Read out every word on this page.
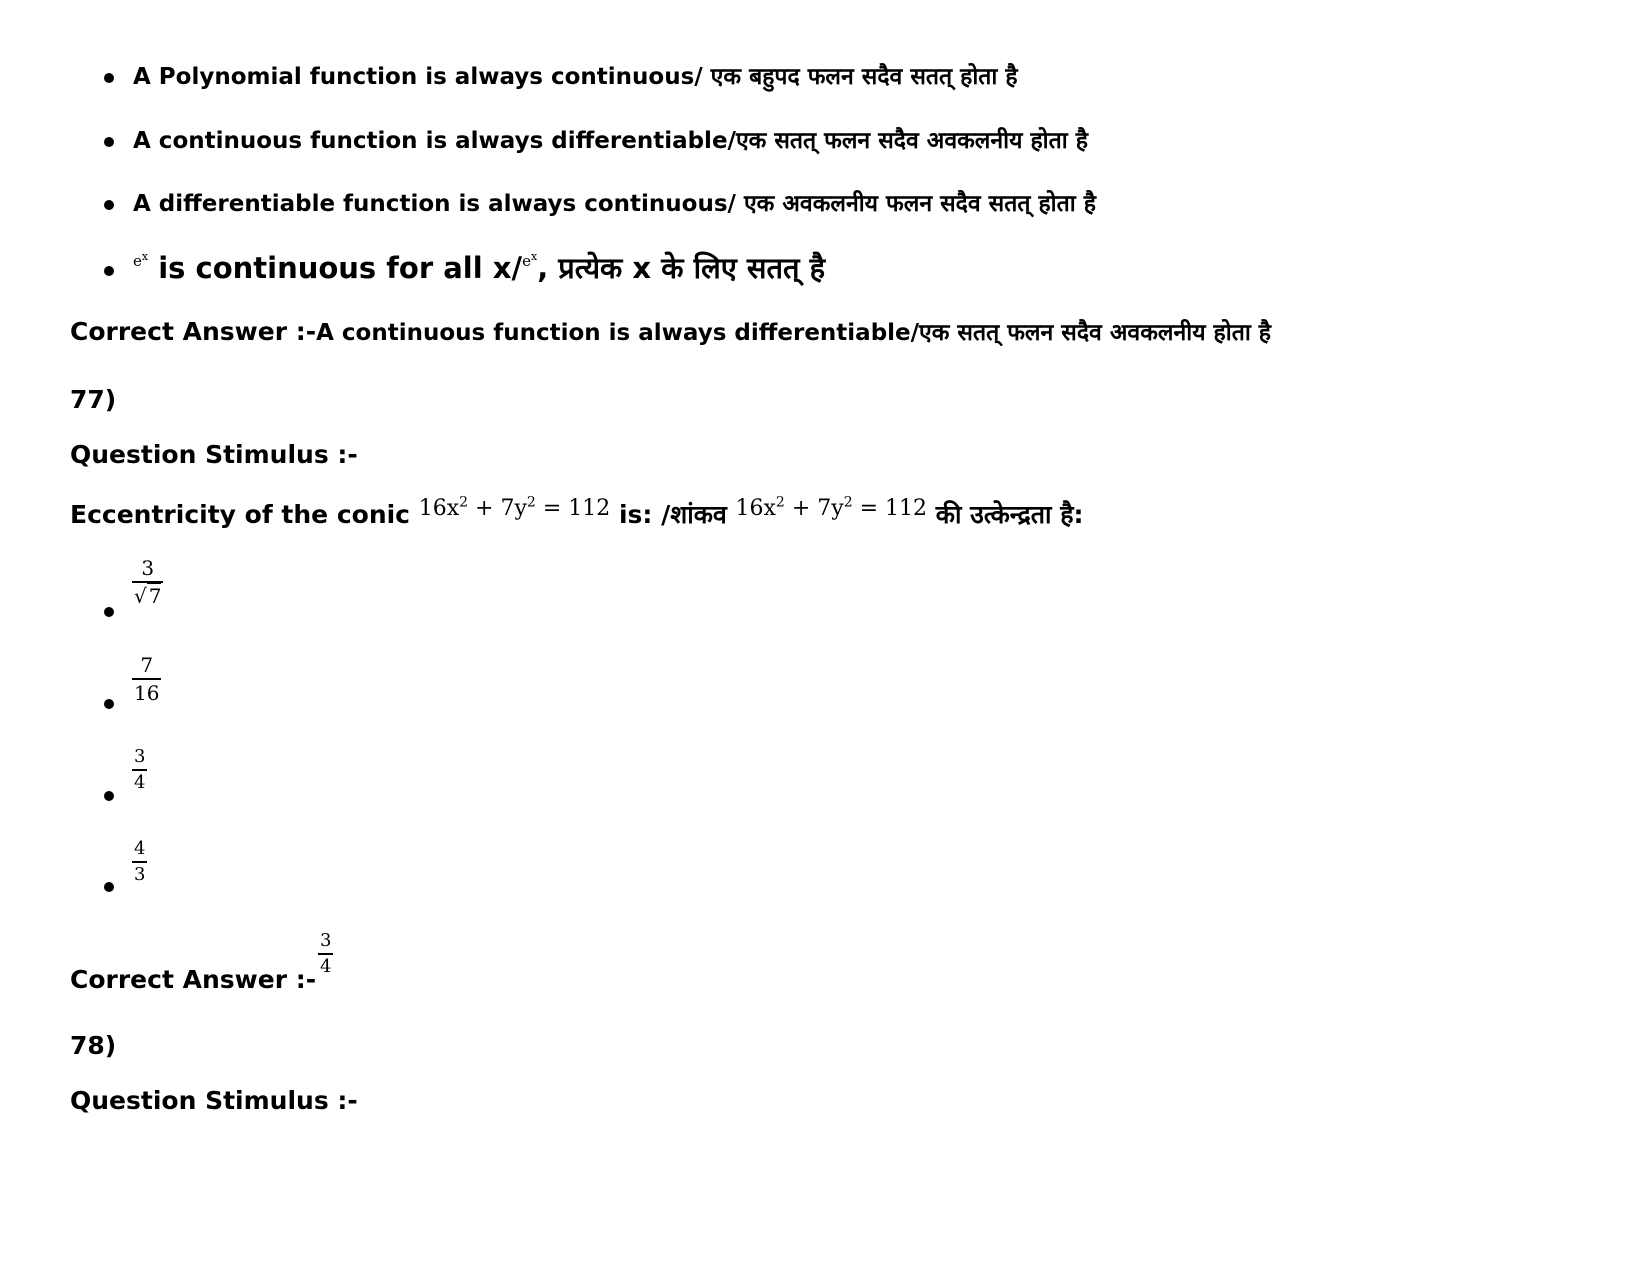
A Polynomial function is always continuous/ एक बहुपद फलन सदैव सतत् होता है
A continuous function is always differentiable/एक सतत् फलन सदैव अवकलनीय होता है
A differentiable function is always continuous/ एक अवकलनीय फलन सदैव सतत् होता है
$^{e^x}$ is continuous for all x/$^{e^x}$, प्रत्येक x के लिए सतत् है
Correct Answer :-A continuous function is always differentiable/एक सतत् फलन सदैव अवकलनीय होता है
77)
Question Stimulus :-
Eccentricity of the conic $16x^2 + 7y^2 = 112$ is: /शांकव $16x^2 + 7y^2 = 112$ की उत्केन्द्रता है:
3
√ 7
7
16
3
4
4
3
Correct Answer :-
3
4
78)
Question Stimulus :-
